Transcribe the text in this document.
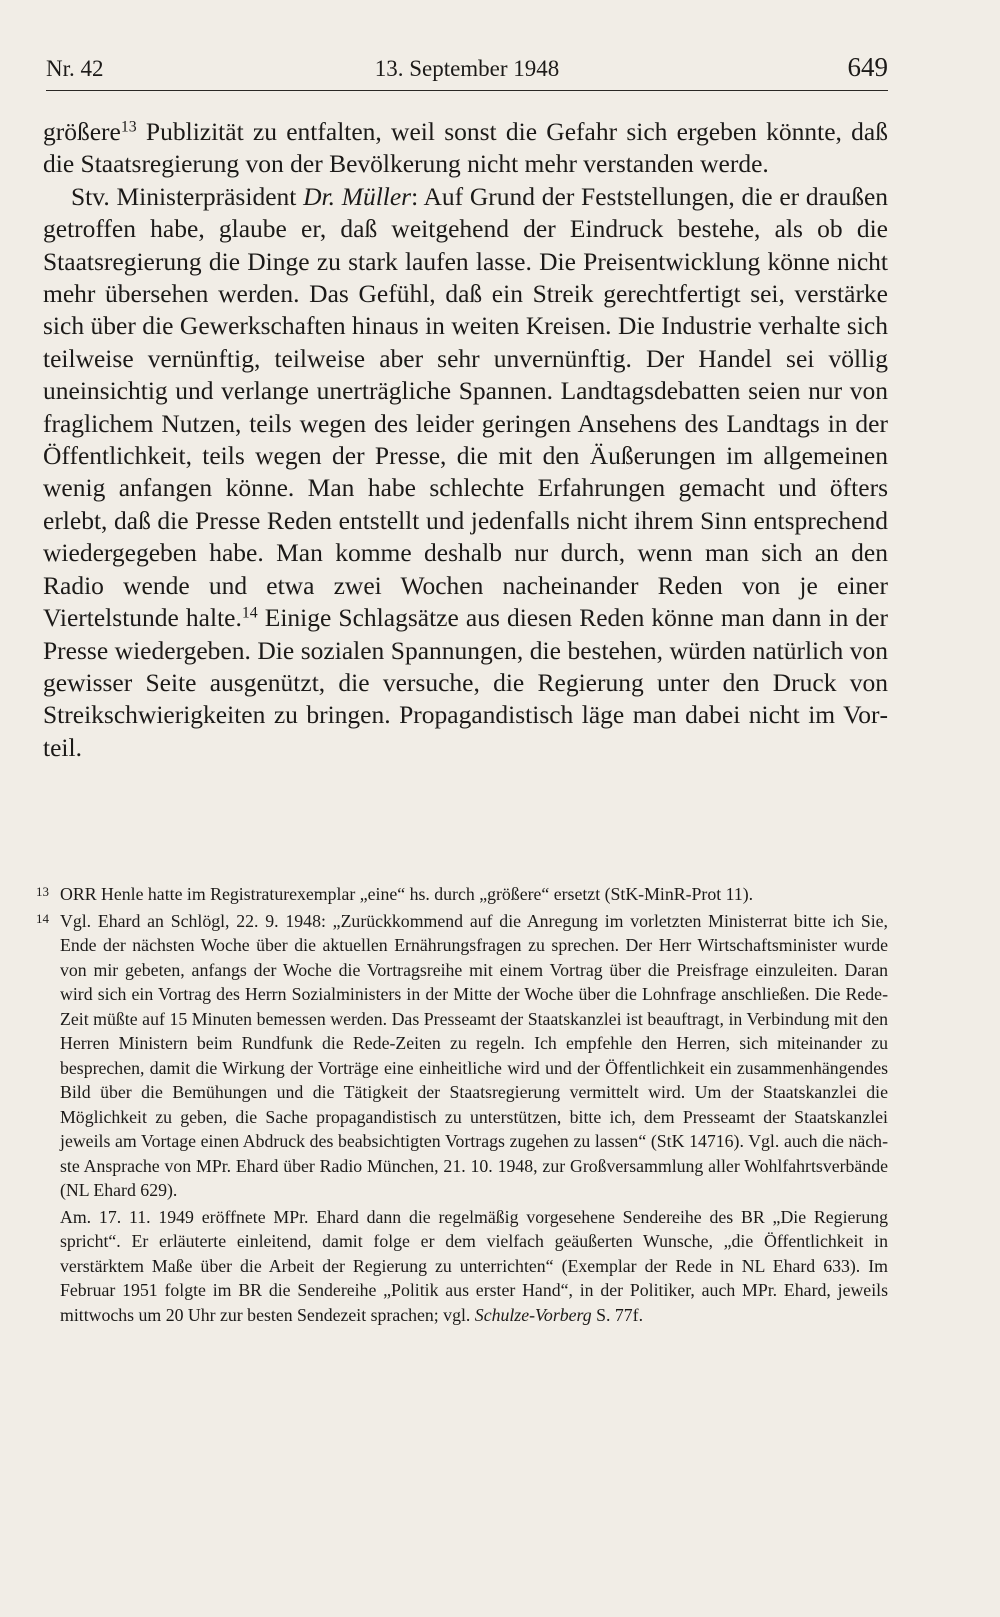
Nr. 42	13. September 1948	649

größere$^{13}$ Publizität zu entfalten, weil sonst die Gefahr sich ergeben könnte, daß die Staatsregierung von der Bevölkerung nicht mehr verstanden werde.

Stv. Ministerpräsident Dr. Müller: Auf Grund der Feststellungen, die er draußen getroffen habe, glaube er, daß weitgehend der Eindruck bestehe, als ob die Staatsregierung die Dinge zu stark laufen lasse. Die Preisentwicklung könne nicht mehr übersehen werden. Das Gefühl, daß ein Streik gerechtfertigt sei, verstärke sich über die Gewerkschaften hinaus in weiten Kreisen. Die Industrie verhalte sich teilweise vernünftig, teilweise aber sehr unvernünftig. Der Handel sei völlig uneinsichtig und verlange unerträgliche Spannen. Landtagsdebatten seien nur von fraglichem Nutzen, teils wegen des leider geringen Ansehens des Landtags in der Öffentlichkeit, teils wegen der Presse, die mit den Äußerungen im allgemeinen wenig anfangen könne. Man habe schlechte Erfahrungen gemacht und öfters erlebt, daß die Presse Reden entstellt und jedenfalls nicht ihrem Sinn entsprechend wiedergegeben habe. Man komme deshalb nur durch, wenn man sich an den Radio wende und etwa zwei Wochen nacheinander Reden von je einer Viertelstunde halte.$^{14}$ Einige Schlagsätze aus diesen Reden könne man dann in der Presse wiedergeben. Die sozialen Spannungen, die bestehen, würden natürlich von gewisser Seite ausgenützt, die versuche, die Regierung unter den Druck von Streikschwierigkeiten zu bringen. Propagandistisch läge man dabei nicht im Vorteil.

13 ORR Henle hatte im Registraturexemplar „eine“ hs. durch „größere“ ersetzt (StK-MinR-Prot 11).
14 Vgl. Ehard an Schlögl, 22. 9. 1948: „Zurückkommend auf die Anregung im vorletzten Ministerrat bitte ich Sie, Ende der nächsten Woche über die aktuellen Ernährungsfragen zu sprechen. Der Herr Wirtschaftsminister wurde von mir gebeten, anfangs der Woche die Vortragsreihe mit einem Vortrag über die Preisfrage einzuleiten. Daran wird sich ein Vortrag des Herrn Sozialministers in der Mitte der Woche über die Lohnfrage anschließen. Die Rede-Zeit müßte auf 15 Minuten bemessen werden. Das Presseamt der Staatskanzlei ist beauftragt, in Verbindung mit den Herren Ministern beim Rundfunk die Rede-Zeiten zu regeln. Ich empfehle den Herren, sich miteinander zu besprechen, damit die Wirkung der Vorträge eine einheitliche wird und der Öffentlichkeit ein zusammenhängendes Bild über die Bemühungen und die Tätigkeit der Staatsregierung vermittelt wird. Um der Staatskanzlei die Möglichkeit zu geben, die Sache propagandistisch zu unterstützen, bitte ich, dem Presseamt der Staatskanzlei jeweils am Vortage einen Abdruck des beabsichtigten Vortrags zugehen zu lassen“ (StK 14716). Vgl. auch die nächste Ansprache von MPr. Ehard über Radio München, 21. 10. 1948, zur Großversammlung aller Wohlfahrtsverbände (NL Ehard 629).

Am. 17. 11. 1949 eröffnete MPr. Ehard dann die regelmäßig vorgesehene Sendereihe des BR „Die Regierung spricht“. Er erläuterte einleitend, damit folge er dem vielfach geäußerten Wunsche, „die Öffentlichkeit in verstärktem Maße über die Arbeit der Regierung zu unterrichten“ (Exemplar der Rede in NL Ehard 633). Im Februar 1951 folgte im BR die Sendereihe „Politik aus erster Hand“, in der Politiker, auch MPr. Ehard, jeweils mittwochs um 20 Uhr zur besten Sendezeit sprachen; vgl. Schulze-Vorberg S. 77f.
